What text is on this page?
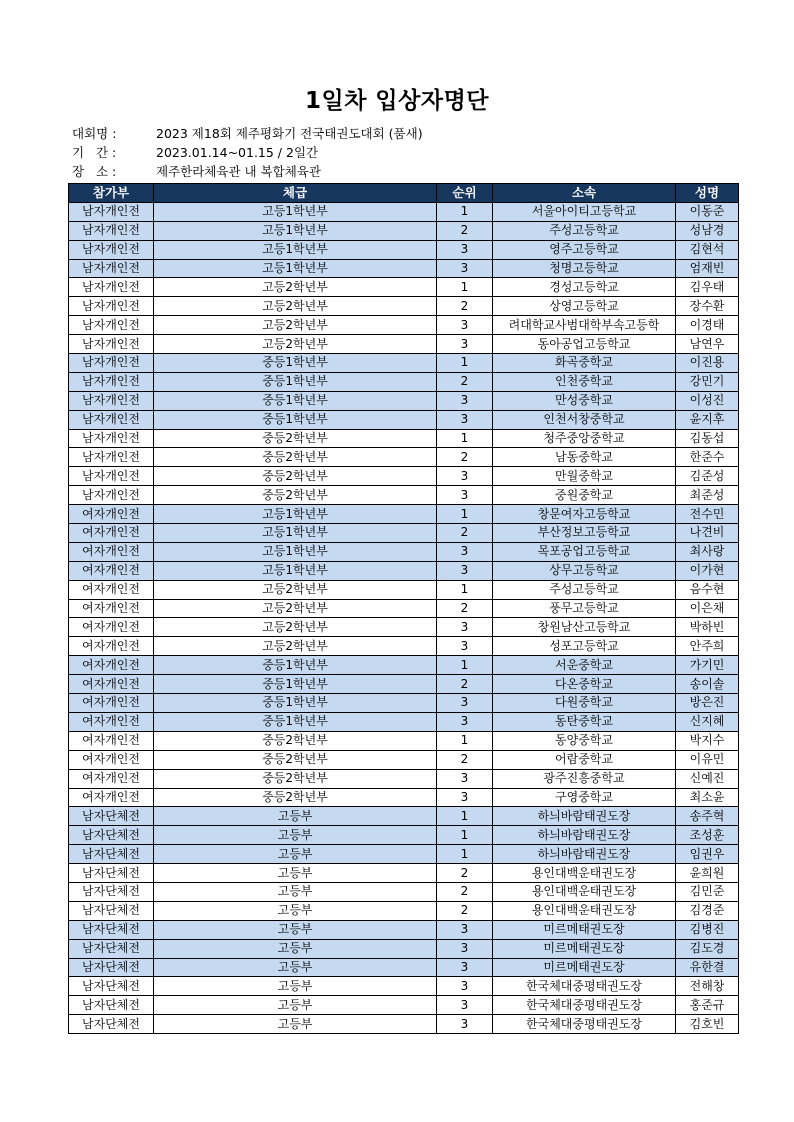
1일차 입상자명단
대회명 :	2023 제18회 제주평화기 전국태권도대회 (품새)
기   간 :	2023.01.14~01.15 / 2일간
장   소 :	제주한라체육관 내 복합체육관
참가부	체급	순위	소속	성명
남자개인전	고등1학년부	1	서울아이티고등학교	이동준
남자개인전	고등1학년부	2	주성고등학교	성남경
남자개인전	고등1학년부	3	영주고등학교	김현석
남자개인전	고등1학년부	3	청명고등학교	엄재빈
남자개인전	고등2학년부	1	경성고등학교	김우태
남자개인전	고등2학년부	2	상영고등학교	장수환
남자개인전	고등2학년부	3	려대학교사범대학부속고등학	이경태
남자개인전	고등2학년부	3	동아공업고등학교	남연우
남자개인전	중등1학년부	1	화곡중학교	이진용
남자개인전	중등1학년부	2	인천중학교	강민기
남자개인전	중등1학년부	3	만성중학교	이성진
남자개인전	중등1학년부	3	인천서창중학교	윤지후
남자개인전	중등2학년부	1	청주중앙중학교	김동섭
남자개인전	중등2학년부	2	남동중학교	한준수
남자개인전	중등2학년부	3	만월중학교	김준성
남자개인전	중등2학년부	3	중원중학교	최준성
여자개인전	고등1학년부	1	창문여자고등학교	전수민
여자개인전	고등1학년부	2	부산정보고등학교	나견비
여자개인전	고등1학년부	3	목포공업고등학교	최사랑
여자개인전	고등1학년부	3	상무고등학교	이가현
여자개인전	고등2학년부	1	주성고등학교	음수현
여자개인전	고등2학년부	2	풍무고등학교	이은채
여자개인전	고등2학년부	3	창원남산고등학교	박하빈
여자개인전	고등2학년부	3	성포고등학교	안주희
여자개인전	중등1학년부	1	서운중학교	가기민
여자개인전	중등1학년부	2	다온중학교	송이솔
여자개인전	중등1학년부	3	다원중학교	방은진
여자개인전	중등1학년부	3	동탄중학교	신지혜
여자개인전	중등2학년부	1	동양중학교	박지수
여자개인전	중등2학년부	2	어람중학교	이유민
여자개인전	중등2학년부	3	광주진흥중학교	신예진
여자개인전	중등2학년부	3	구영중학교	최소윤
남자단체전	고등부	1	하늬바람태권도장	송주혁
남자단체전	고등부	1	하늬바람태권도장	조성훈
남자단체전	고등부	1	하늬바람태권도장	임권우
남자단체전	고등부	2	용인대백운태권도장	윤희원
남자단체전	고등부	2	용인대백운태권도장	김민준
남자단체전	고등부	2	용인대백운태권도장	김경준
남자단체전	고등부	3	미르메태권도장	김병진
남자단체전	고등부	3	미르메태권도장	김도경
남자단체전	고등부	3	미르메태권도장	유한결
남자단체전	고등부	3	한국체대중평태권도장	전해창
남자단체전	고등부	3	한국체대중평태권도장	홍준규
남자단체전	고등부	3	한국체대중평태권도장	김호빈
